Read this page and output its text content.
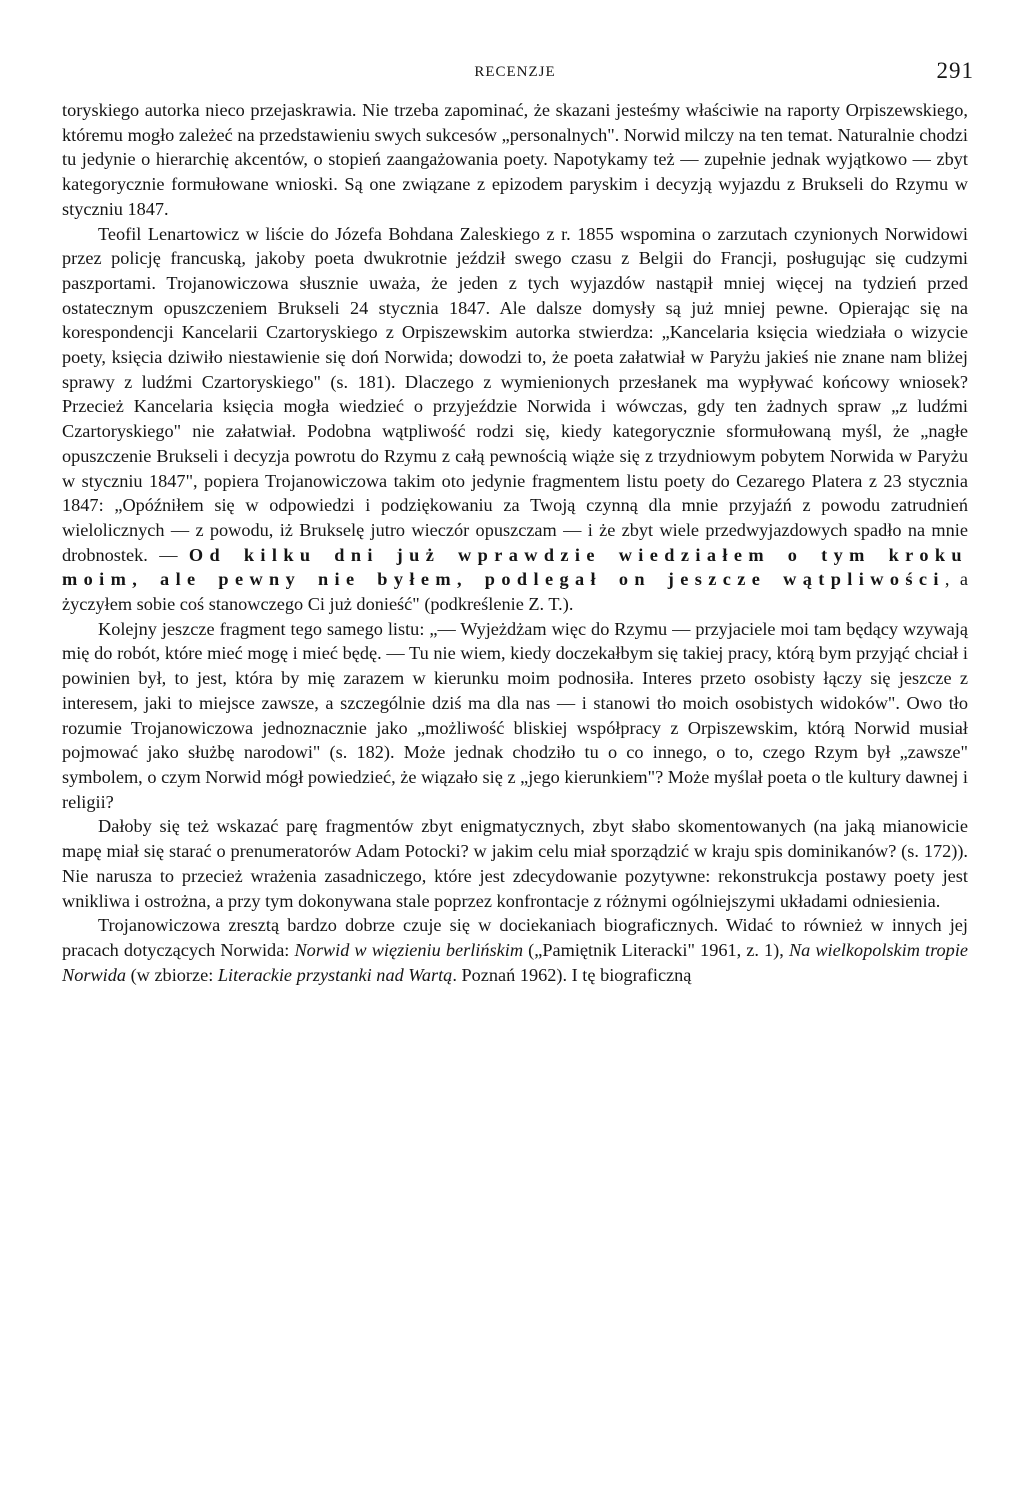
RECENZJE	291

toryskiego autorka nieco przejaskrawia. Nie trzeba zapominać, że skazani jesteśmy właściwie na raporty Orpiszewskiego, któremu mogło zależeć na przedstawieniu swych sukcesów „personalnych". Norwid milczy na ten temat. Naturalnie chodzi tu jedynie o hierarchię akcentów, o stopień zaangażowania poety. Napotykamy też — zupełnie jednak wyjątkowo — zbyt kategorycznie formułowane wnioski. Są one związane z epizodem paryskim i decyzją wyjazdu z Brukseli do Rzymu w styczniu 1847.

Teofil Lenartowicz w liście do Józefa Bohdana Zaleskiego z r. 1855 wspomina o zarzutach czynionych Norwidowi przez policję francuską, jakoby poeta dwukrotnie jeździł swego czasu z Belgii do Francji, posługując się cudzymi paszportami. Trojanowiczowa słusznie uważa, że jeden z tych wyjazdów nastąpił mniej więcej na tydzień przed ostatecznym opuszczeniem Brukseli 24 stycznia 1847. Ale dalsze domysły są już mniej pewne. Opierając się na korespondencji Kancelarii Czartoryskiego z Orpiszewskim autorka stwierdza: „Kancelaria księcia wiedziała o wizycie poety, księcia dziwiło niestawienie się doń Norwida; dowodzi to, że poeta załatwiał w Paryżu jakieś nie znane nam bliżej sprawy z ludźmi Czartoryskiego" (s. 181). Dlaczego z wymienionych przesłanek ma wypływać końcowy wniosek? Przecież Kancelaria księcia mogła wiedzieć o przyjeździe Norwida i wówczas, gdy ten żadnych spraw „z ludźmi Czartoryskiego" nie załatwiał. Podobna wątpliwość rodzi się, kiedy kategorycznie sformułowaną myśl, że „nagłe opuszczenie Brukseli i decyzja powrotu do Rzymu z całą pewnością wiąże się z trzydniowym pobytem Norwida w Paryżu w styczniu 1847", popiera Trojanowiczowa takim oto jedynie fragmentem listu poety do Cezarego Platera z 23 stycznia 1847: „Opóźniłem się w odpowiedzi i podziękowaniu za Twoją czynną dla mnie przyjaźń z powodu zatrudnień wielolicznych — z powodu, iż Brukselę jutro wieczór opuszczam — i że zbyt wiele przedwyjazdowych spadło na mnie drobnostek. — Od kilku dni już wprawdzie wiedziałem o tym kroku moim, ale pewny nie byłem, podlegał on jeszcze wątpliwości, a życzyłem sobie coś stanowczego Ci już donieść" (podkreślenie Z. T.).

Kolejny jeszcze fragment tego samego listu: „— Wyjeżdżam więc do Rzymu — przyjaciele moi tam będący wzywają mię do robót, które mieć mogę i mieć będę. — Tu nie wiem, kiedy doczekałbym się takiej pracy, którą bym przyjąć chciał i powinien był, to jest, która by mię zarazem w kierunku moim podnosiła. Interes przeto osobisty łączy się jeszcze z interesem, jaki to miejsce zawsze, a szczególnie dziś ma dla nas — i stanowi tło moich osobistych widoków". Owo tło rozumie Trojanowiczowa jednoznacznie jako „możliwość bliskiej współpracy z Orpiszewskim, którą Norwid musiał pojmować jako służbę narodowi" (s. 182). Może jednak chodziło tu o co innego, o to, czego Rzym był „zawsze" symbolem, o czym Norwid mógł powiedzieć, że wiązało się z „jego kierunkiem"? Może myślał poeta o tle kultury dawnej i religii?

Dałoby się też wskazać parę fragmentów zbyt enigmatycznych, zbyt słabo skomentowanych (na jaką mianowicie mapę miał się starać o prenumeratorów Adam Potocki? w jakim celu miał sporządzić w kraju spis dominikanów? (s. 172)). Nie narusza to przecież wrażenia zasadniczego, które jest zdecydowanie pozytywne: rekonstrukcja postawy poety jest wnikliwa i ostrożna, a przy tym dokonywana stale poprzez konfrontacje z różnymi ogólniejszymi układami odniesienia.

Trojanowiczowa zresztą bardzo dobrze czuje się w dociekaniach biograficznych. Widać to również w innych jej pracach dotyczących Norwida: Norwid w więzieniu berlińskim („Pamiętnik Literacki" 1961, z. 1), Na wielkopolskim tropie Norwida (w zbiorze: Literackie przystanki nad Wartą. Poznań 1962). I tę biograficzną
